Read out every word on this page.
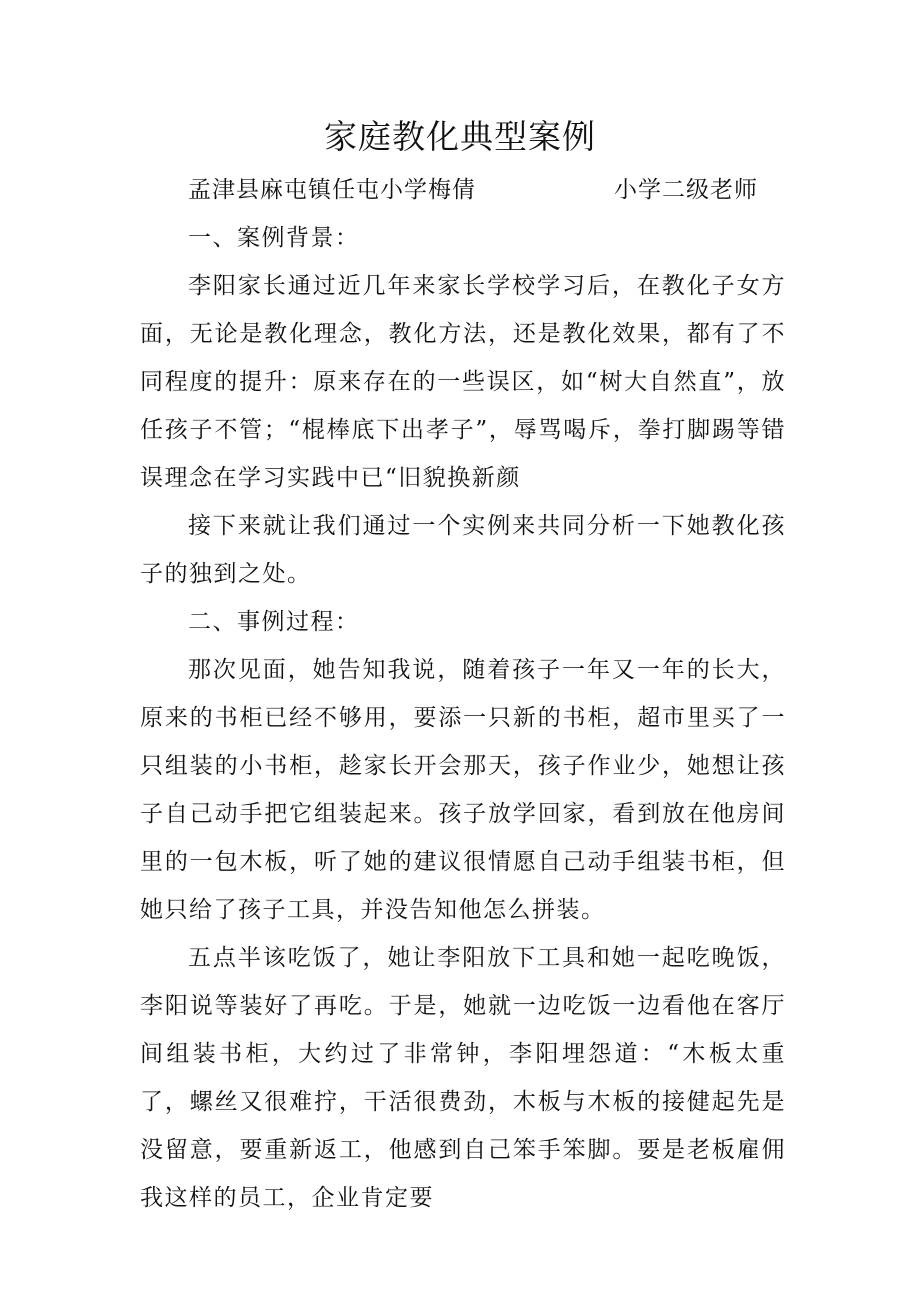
家庭教化典型案例
孟津县麻屯镇任屯小学梅倩	小学二级老师

一、案例背景：

李阳家长通过近几年来家长学校学习后，在教化子女方面，无论是教化理念，教化方法，还是教化效果，都有了不同程度的提升：原来存在的一些误区，如“树大自然直”，放任孩子不管；“棍棒底下出孝子”，辱骂喝斥，拳打脚踢等错误理念在学习实践中已“旧貌换新颜

接下来就让我们通过一个实例来共同分析一下她教化孩子的独到之处。

二、事例过程：

那次见面，她告知我说，随着孩子一年又一年的长大，原来的书柜已经不够用，要添一只新的书柜，超市里买了一只组装的小书柜，趁家长开会那天，孩子作业少，她想让孩子自己动手把它组装起来。孩子放学回家，看到放在他房间里的一包木板，听了她的建议很情愿自己动手组装书柜，但她只给了孩子工具，并没告知他怎么拼装。

五点半该吃饭了，她让李阳放下工具和她一起吃晚饭，李阳说等装好了再吃。于是，她就一边吃饭一边看他在客厅间组装书柜，大约过了非常钟，李阳埋怨道：“木板太重了，螺丝又很难拧，干活很费劲，木板与木板的接健起先是没留意，要重新返工，他感到自己笨手笨脚。要是老板雇佣我这样的员工，企业肯定要
